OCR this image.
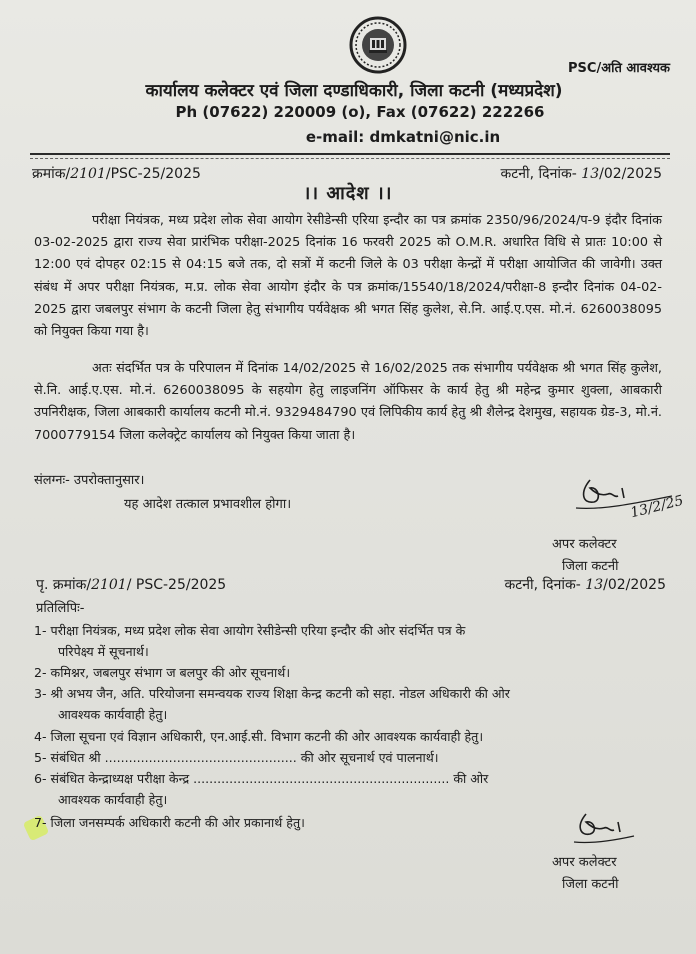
PSC/अति आवश्यक
कार्यालय कलेक्टर एवं जिला दण्डाधिकारी, जिला कटनी (मध्यप्रदेश)
Ph (07622) 220009 (o), Fax (07622) 222266
e-mail: dmkatni@nic.in
क्रमांक/2101/PSC-25/2025	कटनी, दिनांक- 13/02/2025
।। आदेश ।।
परीक्षा नियंत्रक, मध्य प्रदेश लोक सेवा आयोग रेसीडेन्सी एरिया इन्दौर का पत्र क्रमांक 2350/96/2024/प-9 इंदौर दिनांक 03-02-2025 द्वारा राज्य सेवा प्रारंभिक परीक्षा-2025 दिनांक 16 फरवरी 2025 को O.M.R. अधारित विधि से प्रातः 10:00 से 12:00 एवं दोपहर 02:15 से 04:15 बजे तक, दो सत्रों में कटनी जिले के 03 परीक्षा केन्द्रों में परीक्षा आयोजित की जावेगी। उक्त संबंध में अपर परीक्षा नियंत्रक, म.प्र. लोक सेवा आयोग इंदौर के पत्र क्रमांक/15540/18/2024/परीक्षा-8 इन्दौर दिनांक 04-02-2025 द्वारा जबलपुर संभाग के कटनी जिला हेतु संभागीय पर्यवेक्षक श्री भगत सिंह कुलेश, से.नि. आई.ए.एस. मो.नं. 6260038095 को नियुक्त किया गया है।
अतः संदर्भित पत्र के परिपालन में दिनांक 14/02/2025 से 16/02/2025 तक संभागीय पर्यवेक्षक श्री भगत सिंह कुलेश, से.नि. आई.ए.एस. मो.नं. 6260038095 के सहयोग हेतु लाइजनिंग ऑफिसर के कार्य हेतु श्री महेन्द्र कुमार शुक्ला, आबकारी उपनिरीक्षक, जिला आबकारी कार्यालय कटनी मो.नं. 9329484790 एवं लिपिकीय कार्य हेतु श्री शैलेन्द्र देशमुख, सहायक ग्रेड-3, मो.नं. 7000779154 जिला कलेक्ट्रेट कार्यालय को नियुक्त किया जाता है।
संलग्नः- उपरोक्तानुसार।
यह आदेश तत्काल प्रभावशील होगा।	13/2/25
अपर कलेक्टर
जिला कटनी
पृ. क्रमांक/2101/ PSC-25/2025	कटनी, दिनांक- 13/02/2025
प्रतिलिपिः-
1- परीक्षा नियंत्रक, मध्य प्रदेश लोक सेवा आयोग रेसीडेन्सी एरिया इन्दौर की ओर संदर्भित पत्र के
परिपेक्ष्य में सूचनार्थ।
2- कमिश्नर, जबलपुर संभाग ज बलपुर की ओर सूचनार्थ।
3- श्री अभय जैन, अति. परियोजना समन्वयक राज्य शिक्षा केन्द्र कटनी को सहा. नोडल अधिकारी की ओर
आवश्यक कार्यवाही हेतु।
4- जिला सूचना एवं विज्ञान अधिकारी, एन.आई.सी. विभाग कटनी की ओर आवश्यक कार्यवाही हेतु।
5- संबंधित श्री ................................................ की ओर सूचनार्थ एवं पालनार्थ।
6- संबंधित केन्द्राध्यक्ष परीक्षा केन्द्र ................................................................ की ओर
आवश्यक कार्यवाही हेतु।
7- जिला जनसम्पर्क अधिकारी कटनी की ओर प्रकानार्थ हेतु।
अपर कलेक्टर
जिला कटनी
